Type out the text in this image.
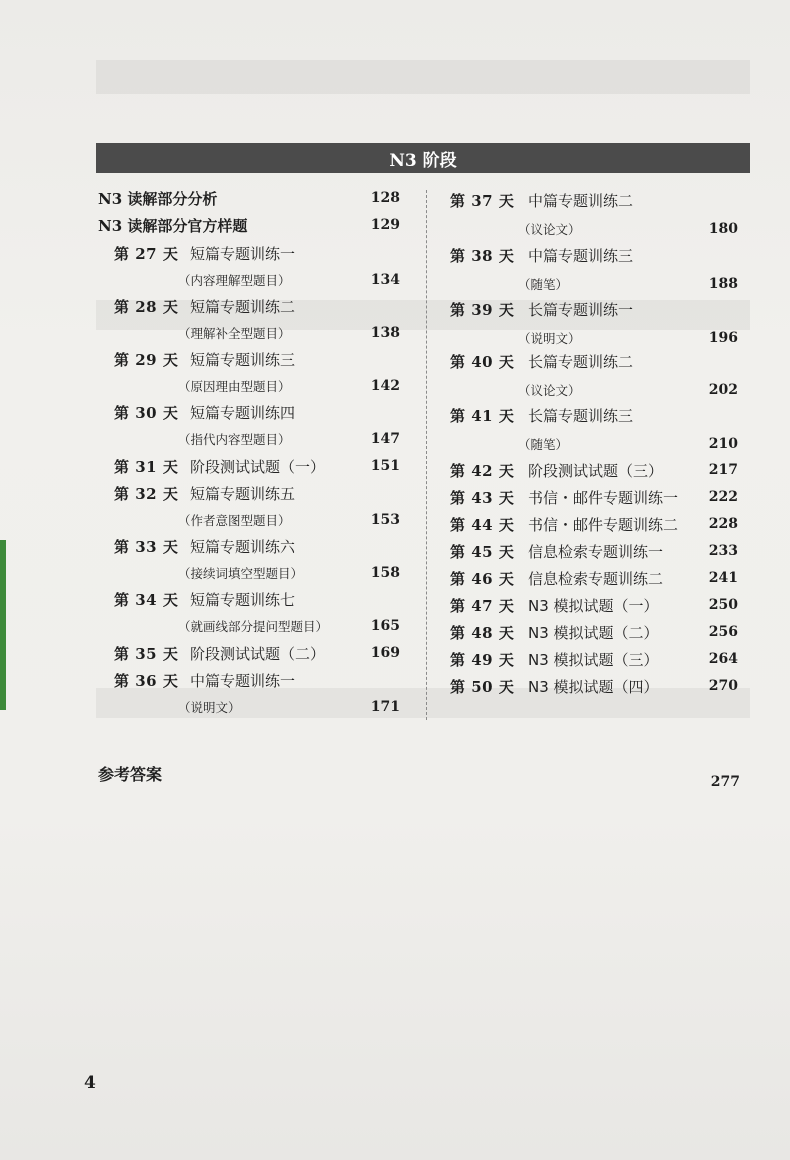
N3 阶段
参考答案	277
4
N3 读解部分分析	128
N3 读解部分官方样题	129
第 27 天 短篇专题训练一
（内容理解型题目）	134
第 28 天 短篇专题训练二
（理解补全型题目）	138
第 29 天 短篇专题训练三
（原因理由型题目）	142
第 30 天 短篇专题训练四
（指代内容型题目）	147
第 31 天 阶段测试试题（一）	151
第 32 天 短篇专题训练五
（作者意图型题目）	153
第 33 天 短篇专题训练六
（接续词填空型题目）	158
第 34 天 短篇专题训练七
（就画线部分提问型题目）	165
第 35 天 阶段测试试题（二）	169
第 36 天 中篇专题训练一
（说明文）	171
第 37 天 中篇专题训练二
（议论文）	180
第 38 天 中篇专题训练三
（随笔）	188
第 39 天 长篇专题训练一
（说明文）	196
第 40 天 长篇专题训练二
（议论文）	202
第 41 天 长篇专题训练三
（随笔）	210
第 42 天 阶段测试试题（三）	217
第 43 天 书信・邮件专题训练一	222
第 44 天 书信・邮件专题训练二	228
第 45 天 信息检索专题训练一	233
第 46 天 信息检索专题训练二	241
第 47 天 N3 模拟试题（一）	250
第 48 天 N3 模拟试题（二）	256
第 49 天 N3 模拟试题（三）	264
第 50 天 N3 模拟试题（四）	270
